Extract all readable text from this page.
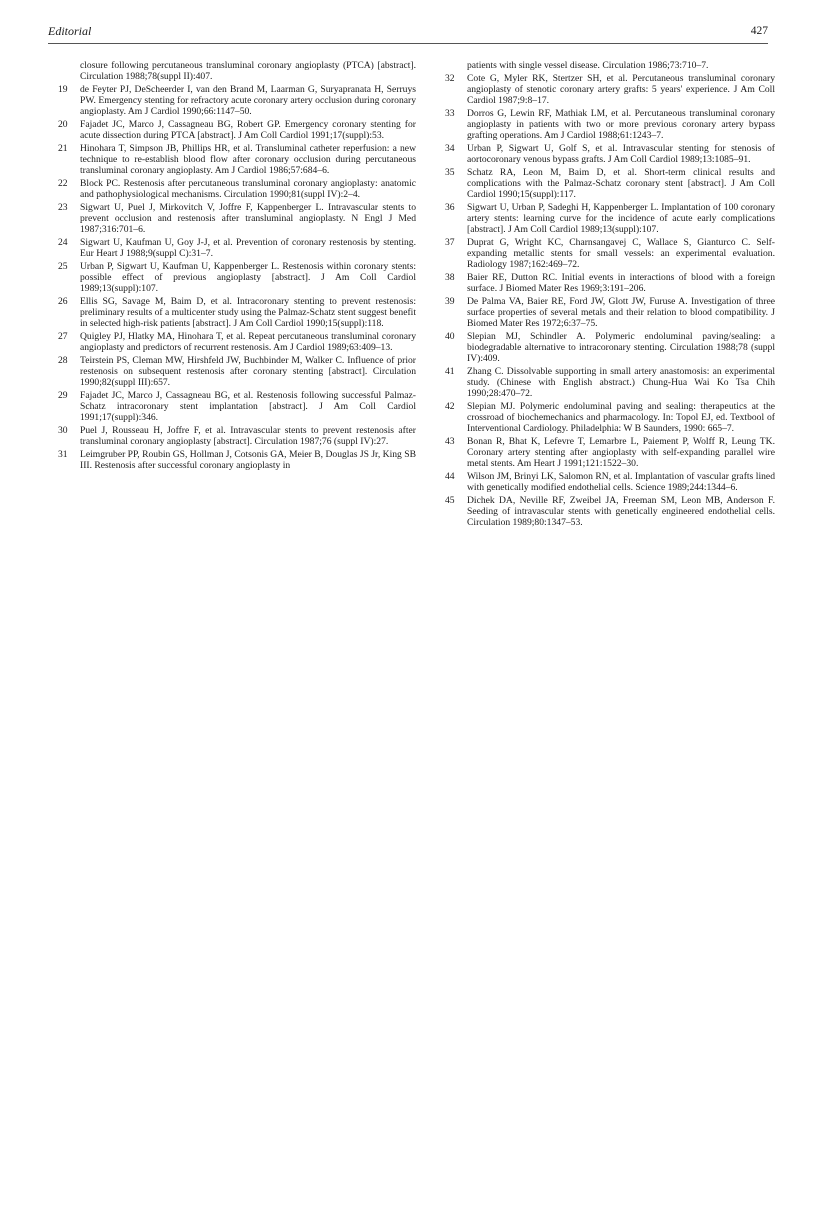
Editorial	427
closure following percutaneous transluminal coronary angioplasty (PTCA) [abstract]. Circulation 1988;78(suppl II):407.
19	de Feyter PJ, DeScheerder I, van den Brand M, Laarman G, Suryapranata H, Serruys PW. Emergency stenting for refractory acute coronary artery occlusion during coronary angioplasty. Am J Cardiol 1990;66:1147–50.
20	Fajadet JC, Marco J, Cassagneau BG, Robert GP. Emergency coronary stenting for acute dissection during PTCA [abstract]. J Am Coll Cardiol 1991;17(suppl):53.
21	Hinohara T, Simpson JB, Phillips HR, et al. Transluminal catheter reperfusion: a new technique to re-establish blood flow after coronary occlusion during percutaneous transluminal coronary angioplasty. Am J Cardiol 1986;57:684–6.
22	Block PC. Restenosis after percutaneous transluminal coronary angioplasty: anatomic and pathophysiological mechanisms. Circulation 1990;81(suppl IV):2–4.
23	Sigwart U, Puel J, Mirkovitch V, Joffre F, Kappenberger L. Intravascular stents to prevent occlusion and restenosis after transluminal angioplasty. N Engl J Med 1987;316:701–6.
24	Sigwart U, Kaufman U, Goy J-J, et al. Prevention of coronary restenosis by stenting. Eur Heart J 1988;9(suppl C):31–7.
25	Urban P, Sigwart U, Kaufman U, Kappenberger L. Restenosis within coronary stents: possible effect of previous angioplasty [abstract]. J Am Coll Cardiol 1989;13(suppl):107.
26	Ellis SG, Savage M, Baim D, et al. Intracoronary stenting to prevent restenosis: preliminary results of a multicenter study using the Palmaz-Schatz stent suggest benefit in selected high-risk patients [abstract]. J Am Coll Cardiol 1990;15(suppl):118.
27	Quigley PJ, Hlatky MA, Hinohara T, et al. Repeat percutaneous transluminal coronary angioplasty and predictors of recurrent restenosis. Am J Cardiol 1989;63:409–13.
28	Teirstein PS, Cleman MW, Hirshfeld JW, Buchbinder M, Walker C. Influence of prior restenosis on subsequent restenosis after coronary stenting [abstract]. Circulation 1990;82(suppl III):657.
29	Fajadet JC, Marco J, Cassagneau BG, et al. Restenosis following successful Palmaz-Schatz intracoronary stent implantation [abstract]. J Am Coll Cardiol 1991;17(suppl):346.
30	Puel J, Rousseau H, Joffre F, et al. Intravascular stents to prevent restenosis after transluminal coronary angioplasty [abstract]. Circulation 1987;76 (suppl IV):27.
31	Leimgruber PP, Roubin GS, Hollman J, Cotsonis GA, Meier B, Douglas JS Jr, King SB III. Restenosis after successful coronary angioplasty in
patients with single vessel disease. Circulation 1986;73:710–7.
32	Cote G, Myler RK, Stertzer SH, et al. Percutaneous transluminal coronary angioplasty of stenotic coronary artery grafts: 5 years' experience. J Am Coll Cardiol 1987;9:8–17.
33	Dorros G, Lewin RF, Mathiak LM, et al. Percutaneous transluminal coronary angioplasty in patients with two or more previous coronary artery bypass grafting operations. Am J Cardiol 1988;61:1243–7.
34	Urban P, Sigwart U, Golf S, et al. Intravascular stenting for stenosis of aortocoronary venous bypass grafts. J Am Coll Cardiol 1989;13:1085–91.
35	Schatz RA, Leon M, Baim D, et al. Short-term clinical results and complications with the Palmaz-Schatz coronary stent [abstract]. J Am Coll Cardiol 1990;15(suppl):117.
36	Sigwart U, Urban P, Sadeghi H, Kappenberger L. Implantation of 100 coronary artery stents: learning curve for the incidence of acute early complications [abstract]. J Am Coll Cardiol 1989;13(suppl):107.
37	Duprat G, Wright KC, Charnsangavej C, Wallace S, Gianturco C. Self-expanding metallic stents for small vessels: an experimental evaluation. Radiology 1987;162:469–72.
38	Baier RE, Dutton RC. Initial events in interactions of blood with a foreign surface. J Biomed Mater Res 1969;3:191–206.
39	De Palma VA, Baier RE, Ford JW, Glott JW, Furuse A. Investigation of three surface properties of several metals and their relation to blood compatibility. J Biomed Mater Res 1972;6:37–75.
40	Slepian MJ, Schindler A. Polymeric endoluminal paving/sealing: a biodegradable alternative to intracoronary stenting. Circulation 1988;78 (suppl IV):409.
41	Zhang C. Dissolvable supporting in small artery anastomosis: an experimental study. (Chinese with English abstract.) Chung-Hua Wai Ko Tsa Chih 1990;28:470–72.
42	Slepian MJ. Polymeric endoluminal paving and sealing: therapeutics at the crossroad of biochemechanics and pharmacology. In: Topol EJ, ed. Textbool of Interventional Cardiology. Philadelphia: W B Saunders, 1990: 665–7.
43	Bonan R, Bhat K, Lefevre T, Lemarbre L, Paiement P, Wolff R, Leung TK. Coronary artery stenting after angioplasty with self-expanding parallel wire metal stents. Am Heart J 1991;121:1522–30.
44	Wilson JM, Brinyi LK, Salomon RN, et al. Implantation of vascular grafts lined with genetically modified endothelial cells. Science 1989;244:1344–6.
45	Dichek DA, Neville RF, Zweibel JA, Freeman SM, Leon MB, Anderson F. Seeding of intravascular stents with genetically engineered endothelial cells. Circulation 1989;80:1347–53.
